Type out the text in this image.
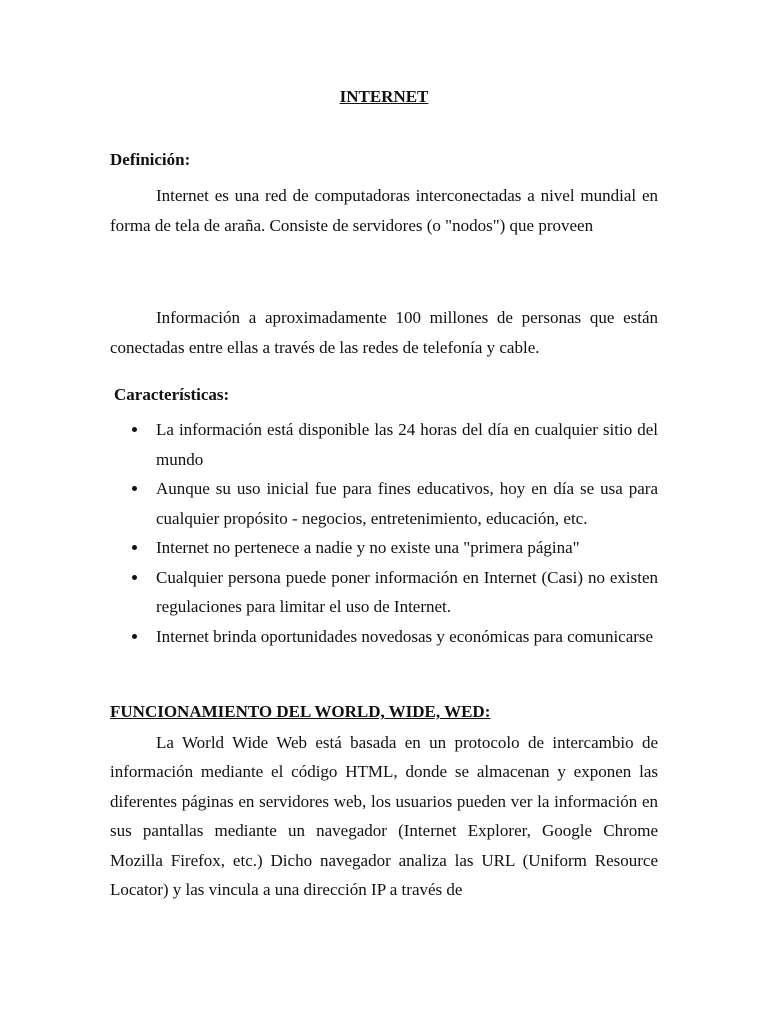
INTERNET
Definición:
Internet es una red de computadoras interconectadas a nivel mundial en forma de tela de araña. Consiste de servidores (o "nodos") que proveen
Información a aproximadamente 100 millones de personas que están conectadas entre ellas a través de las redes de telefonía y cable.
Características:
La información está disponible las 24 horas del día en cualquier sitio del mundo
Aunque su uso inicial fue para fines educativos, hoy en día se usa para cualquier propósito - negocios, entretenimiento, educación, etc.
Internet no pertenece a nadie y no existe una "primera página"
Cualquier persona puede poner información en Internet (Casi) no existen regulaciones para limitar el uso de Internet.
Internet brinda oportunidades novedosas y económicas para comunicarse
FUNCIONAMIENTO DEL WORLD, WIDE, WED:
La World Wide Web está basada en un protocolo de intercambio de información mediante el código HTML, donde se almacenan y exponen las diferentes páginas en servidores web, los usuarios pueden ver la información en sus pantallas mediante un navegador (Internet Explorer, Google Chrome Mozilla Firefox, etc.) Dicho navegador analiza las URL (Uniform Resource Locator) y las vincula a una dirección IP a través de
